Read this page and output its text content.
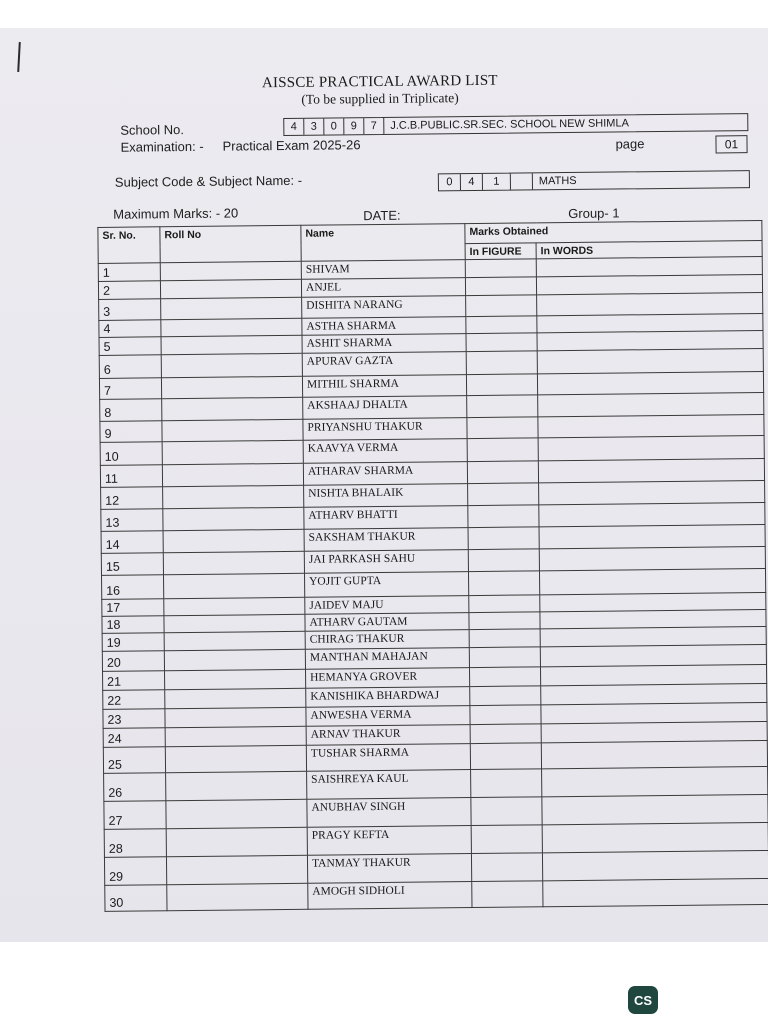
AISSCE PRACTICAL AWARD LIST
(To be supplied in Triplicate)
School No.	4	3	0	9	7	J.C.B.PUBLIC.SR.SEC. SCHOOL NEW SHIMLA
Examination: - Practical Exam 2025-26	page	01
Subject Code & Subject Name: -	0	4	1	MATHS
Maximum Marks: - 20	DATE:	Group- 1
Sr. No.	Roll No	Name	Marks Obtained	
			In FIGURE	In WORDS
1		SHIVAM		
2		ANJEL		
3		DISHITA NARANG		
4		ASTHA SHARMA		
5		ASHIT SHARMA		
6		APURAV GAZTA		
7		MITHIL SHARMA		
8		AKSHAAJ DHALTA		
9		PRIYANSHU THAKUR		
10		KAAVYA VERMA		
11		ATHARAV SHARMA		
12		NISHTA BHALAIK		
13		ATHARV BHATTI		
14		SAKSHAM THAKUR		
15		JAI PARKASH SAHU		
16		YOJIT GUPTA		
17		JAIDEV MAJU		
18		ATHARV GAUTAM		
19		CHIRAG THAKUR		
20		MANTHAN MAHAJAN		
21		HEMANYA GROVER		
22		KANISHIKA BHARDWAJ		
23		ANWESHA VERMA		
24		ARNAV THAKUR		
25		TUSHAR SHARMA		
26		SAISHREYA KAUL		
27		ANUBHAV SINGH		
28		PRAGY KEFTA		
29		TANMAY THAKUR		
30		AMOGH SIDHOLI		
CS
